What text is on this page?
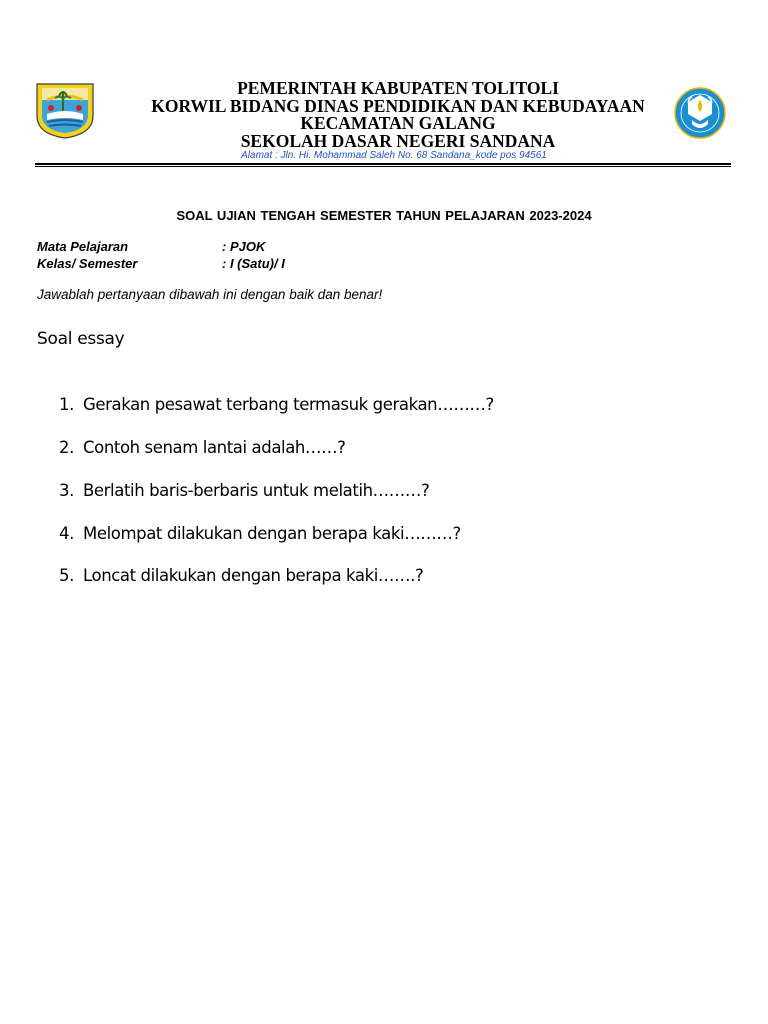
PEMERINTAH KABUPATEN TOLITOLI
KORWIL BIDANG DINAS PENDIDIKAN DAN KEBUDAYAAN
KECAMATAN GALANG
SEKOLAH DASAR NEGERI SANDANA
Alamat : Jln. Hi. Mohammad Saleh No. 68 Sandana_kode pos 94561
SOAL UJIAN TENGAH SEMESTER TAHUN PELAJARAN 2023-2024
Mata Pelajaran	: PJOK
Kelas/ Semester	: I (Satu)/ I
Jawablah pertanyaan dibawah ini dengan baik dan benar!
Soal essay
1. Gerakan pesawat terbang termasuk gerakan………?
2. Contoh senam lantai adalah……?
3. Berlatih baris-berbaris untuk melatih………?
4. Melompat dilakukan dengan berapa kaki………?
5. Loncat dilakukan dengan berapa kaki…….?
